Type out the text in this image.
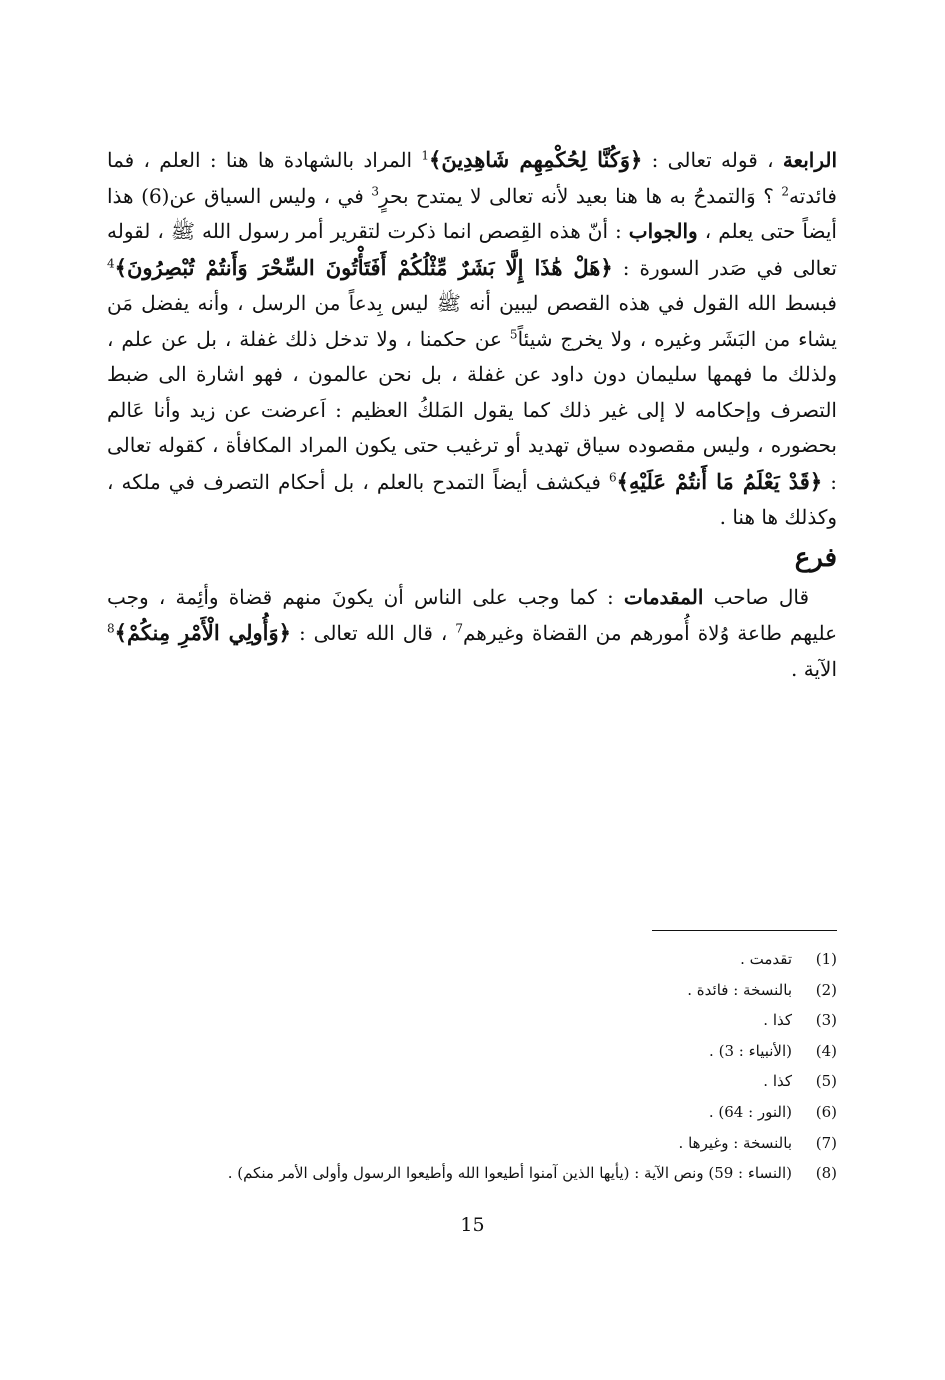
الرابعة ، قوله تعالى : ﴿وَكُنَّا لِحُكْمِهِم شَاهِدِينَ﴾$^1$ المراد بالشهادة ها هنا : العلم ، فما فائدته$^2$ ؟ وَالتمدحُ به ها هنا بعيد لأنه تعالى لا يمتدح بحرٍ$^3$ في ، وليس السياق عن(6) هذا أيضاً حتى يعلم ، والجواب : أنّ هذه القِصص انما ذكرت لتقرير أمر رسول الله ﷺ ، لقوله تعالى في صَدر السورة : ﴿هَلْ هَٰذَا إِلَّا بَشَرٌ مِّثْلُكُمْ أَفَتَأْتُونَ السِّحْرَ وَأَنتُمْ تُبْصِرُونَ﴾$^4$ فبسط الله القول في هذه القصص ليبين أنه ﷺ ليس بِدعاً من الرسل ، وأنه يفضل مَن يشاء من البَشَر وغيره ، ولا يخرج شيئاً$^5$ عن حكمنا ، ولا تدخل ذلك غفلة ، بل عن علم ، ولذلك ما فهمها سليمان دون داود عن غفلة ، بل نحن عالمون ، فهو اشارة الى ضبط التصرف وإحكامه لا إلى غير ذلك كما يقول المَلكُ العظيم : اَعرضت عن زيد وأنا عَالم بحضوره ، وليس مقصوده سياق تهديد أو ترغيب حتى يكون المراد المكافأة ، كقوله تعالى : ﴿قَدْ يَعْلَمُ مَا أَنتُمْ عَلَيْهِ﴾$^6$ فيكشف أيضاً التمدح بالعلم ، بل أحكام التصرف في ملكه ، وكذلك ها هنا .

فرع

قال صاحب المقدمات : كما وجب على الناس أن يكونَ منهم قضاة وأئِمة ، وجب عليهم طاعة وُلاة أُمورهم من القضاة وغيرهم$^7$ ، قال الله تعالى : ﴿وَأُولِي الْأَمْرِ مِنكُمْ﴾$^8$ الآية .

(1)
تقدمت .
(2)
بالنسخة : فائدة .
(3)
كذا .
(4)
(الأنبياء : 3) .
(5)
كذا .
(6)
(النور : 64) .
(7)
بالنسخة : وغيرها .
(8)
(النساء : 59) ونص الآية : (يأيها الذين آمنوا أطيعوا الله وأطيعوا الرسول وأولى الأمر منكم) .
15
